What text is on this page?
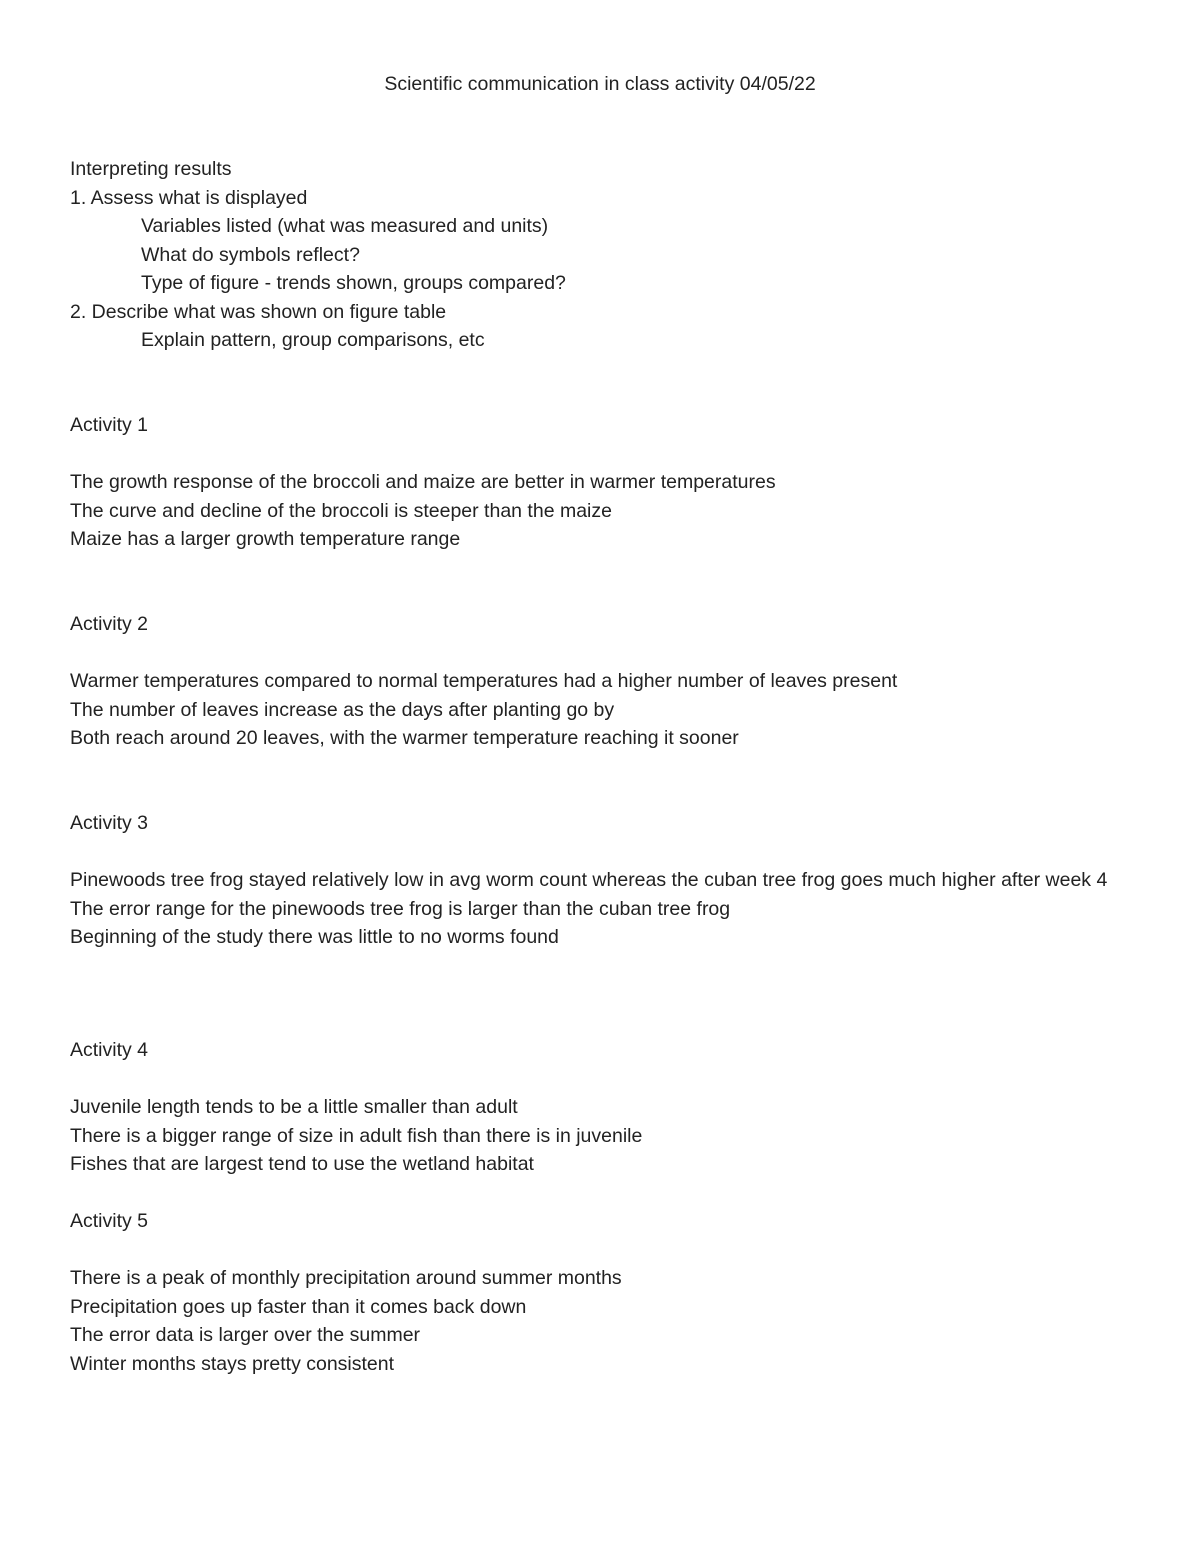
Scientific communication in class activity 04/05/22
Interpreting results
1. Assess what is displayed
Variables listed (what was measured and units)
What do symbols reflect?
Type of figure - trends shown, groups compared?
2. Describe what was shown on figure table
Explain pattern, group comparisons, etc
Activity 1
The growth response of the broccoli and maize are better in warmer temperatures
The curve and decline of the broccoli is steeper than the maize
Maize has a larger growth temperature range
Activity 2
Warmer temperatures compared to normal temperatures had a higher number of leaves present
The number of leaves increase as the days after planting go by
Both reach around 20 leaves, with the warmer temperature reaching it sooner
Activity 3
Pinewoods tree frog stayed relatively low in avg worm count whereas the cuban tree frog goes much higher after week 4
The error range for the pinewoods tree frog is larger than the cuban tree frog
Beginning of the study there was little to no worms found
Activity 4
Juvenile length tends to be a little smaller than adult
There is a bigger range of size in adult fish than there is in juvenile
Fishes that are largest tend to use the wetland habitat
Activity 5
There is a peak of monthly precipitation around summer months
Precipitation goes up faster than it comes back down
The error data is larger over the summer
Winter months stays pretty consistent
